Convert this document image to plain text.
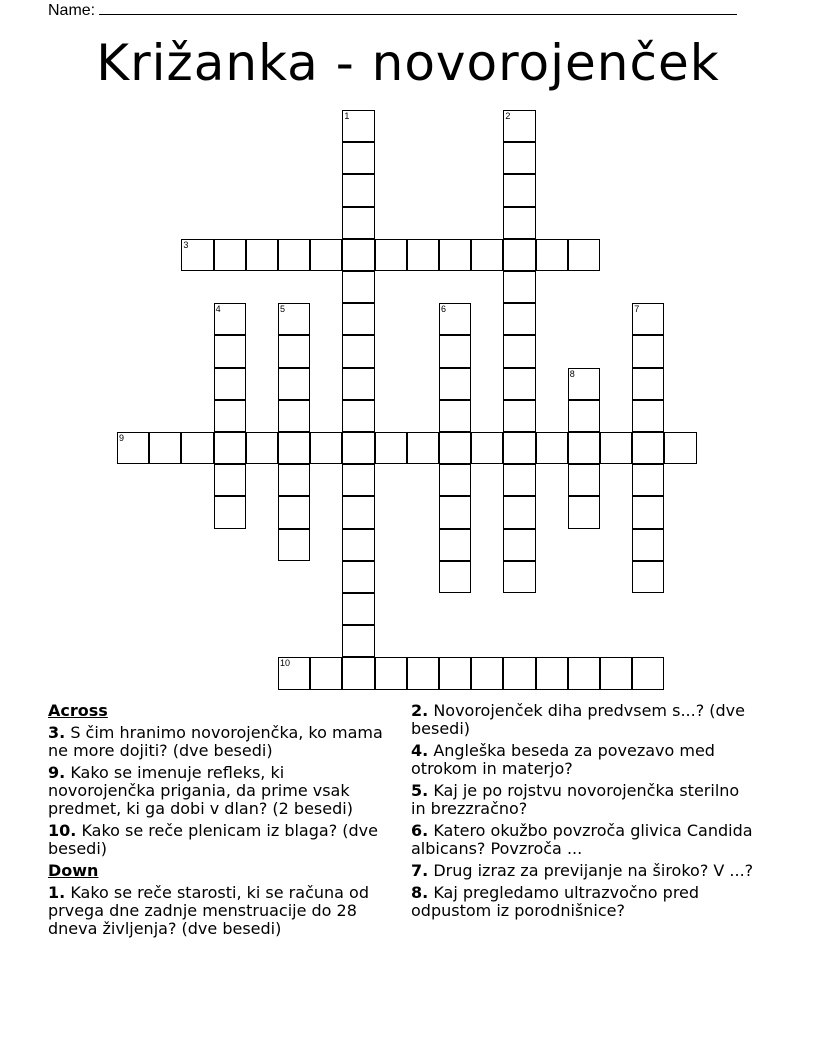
Name:
Križanka - novorojenček
1	2
3
4	5	6	7
8
9
10
Across
3. S čim hranimo novorojenčka, ko mama ne more dojiti? (dve besedi)
9. Kako se imenuje refleks, ki novorojenčka prigania, da prime vsak predmet, ki ga dobi v dlan? (2 besedi)
10. Kako se reče plenicam iz blaga? (dve besedi)
Down
1. Kako se reče starosti, ki se računa od prvega dne zadnje menstruacije do 28 dneva življenja? (dve besedi)
2. Novorojenček diha predvsem s...? (dve besedi)
4. Angleška beseda za povezavo med otrokom in materjo?
5. Kaj je po rojstvu novorojenčka sterilno in brezzračno?
6. Katero okužbo povzroča glivica Candida albicans? Povzroča ...
7. Drug izraz za previjanje na široko? V ...?
8. Kaj pregledamo ultrazvočno pred odpustom iz porodnišnice?
